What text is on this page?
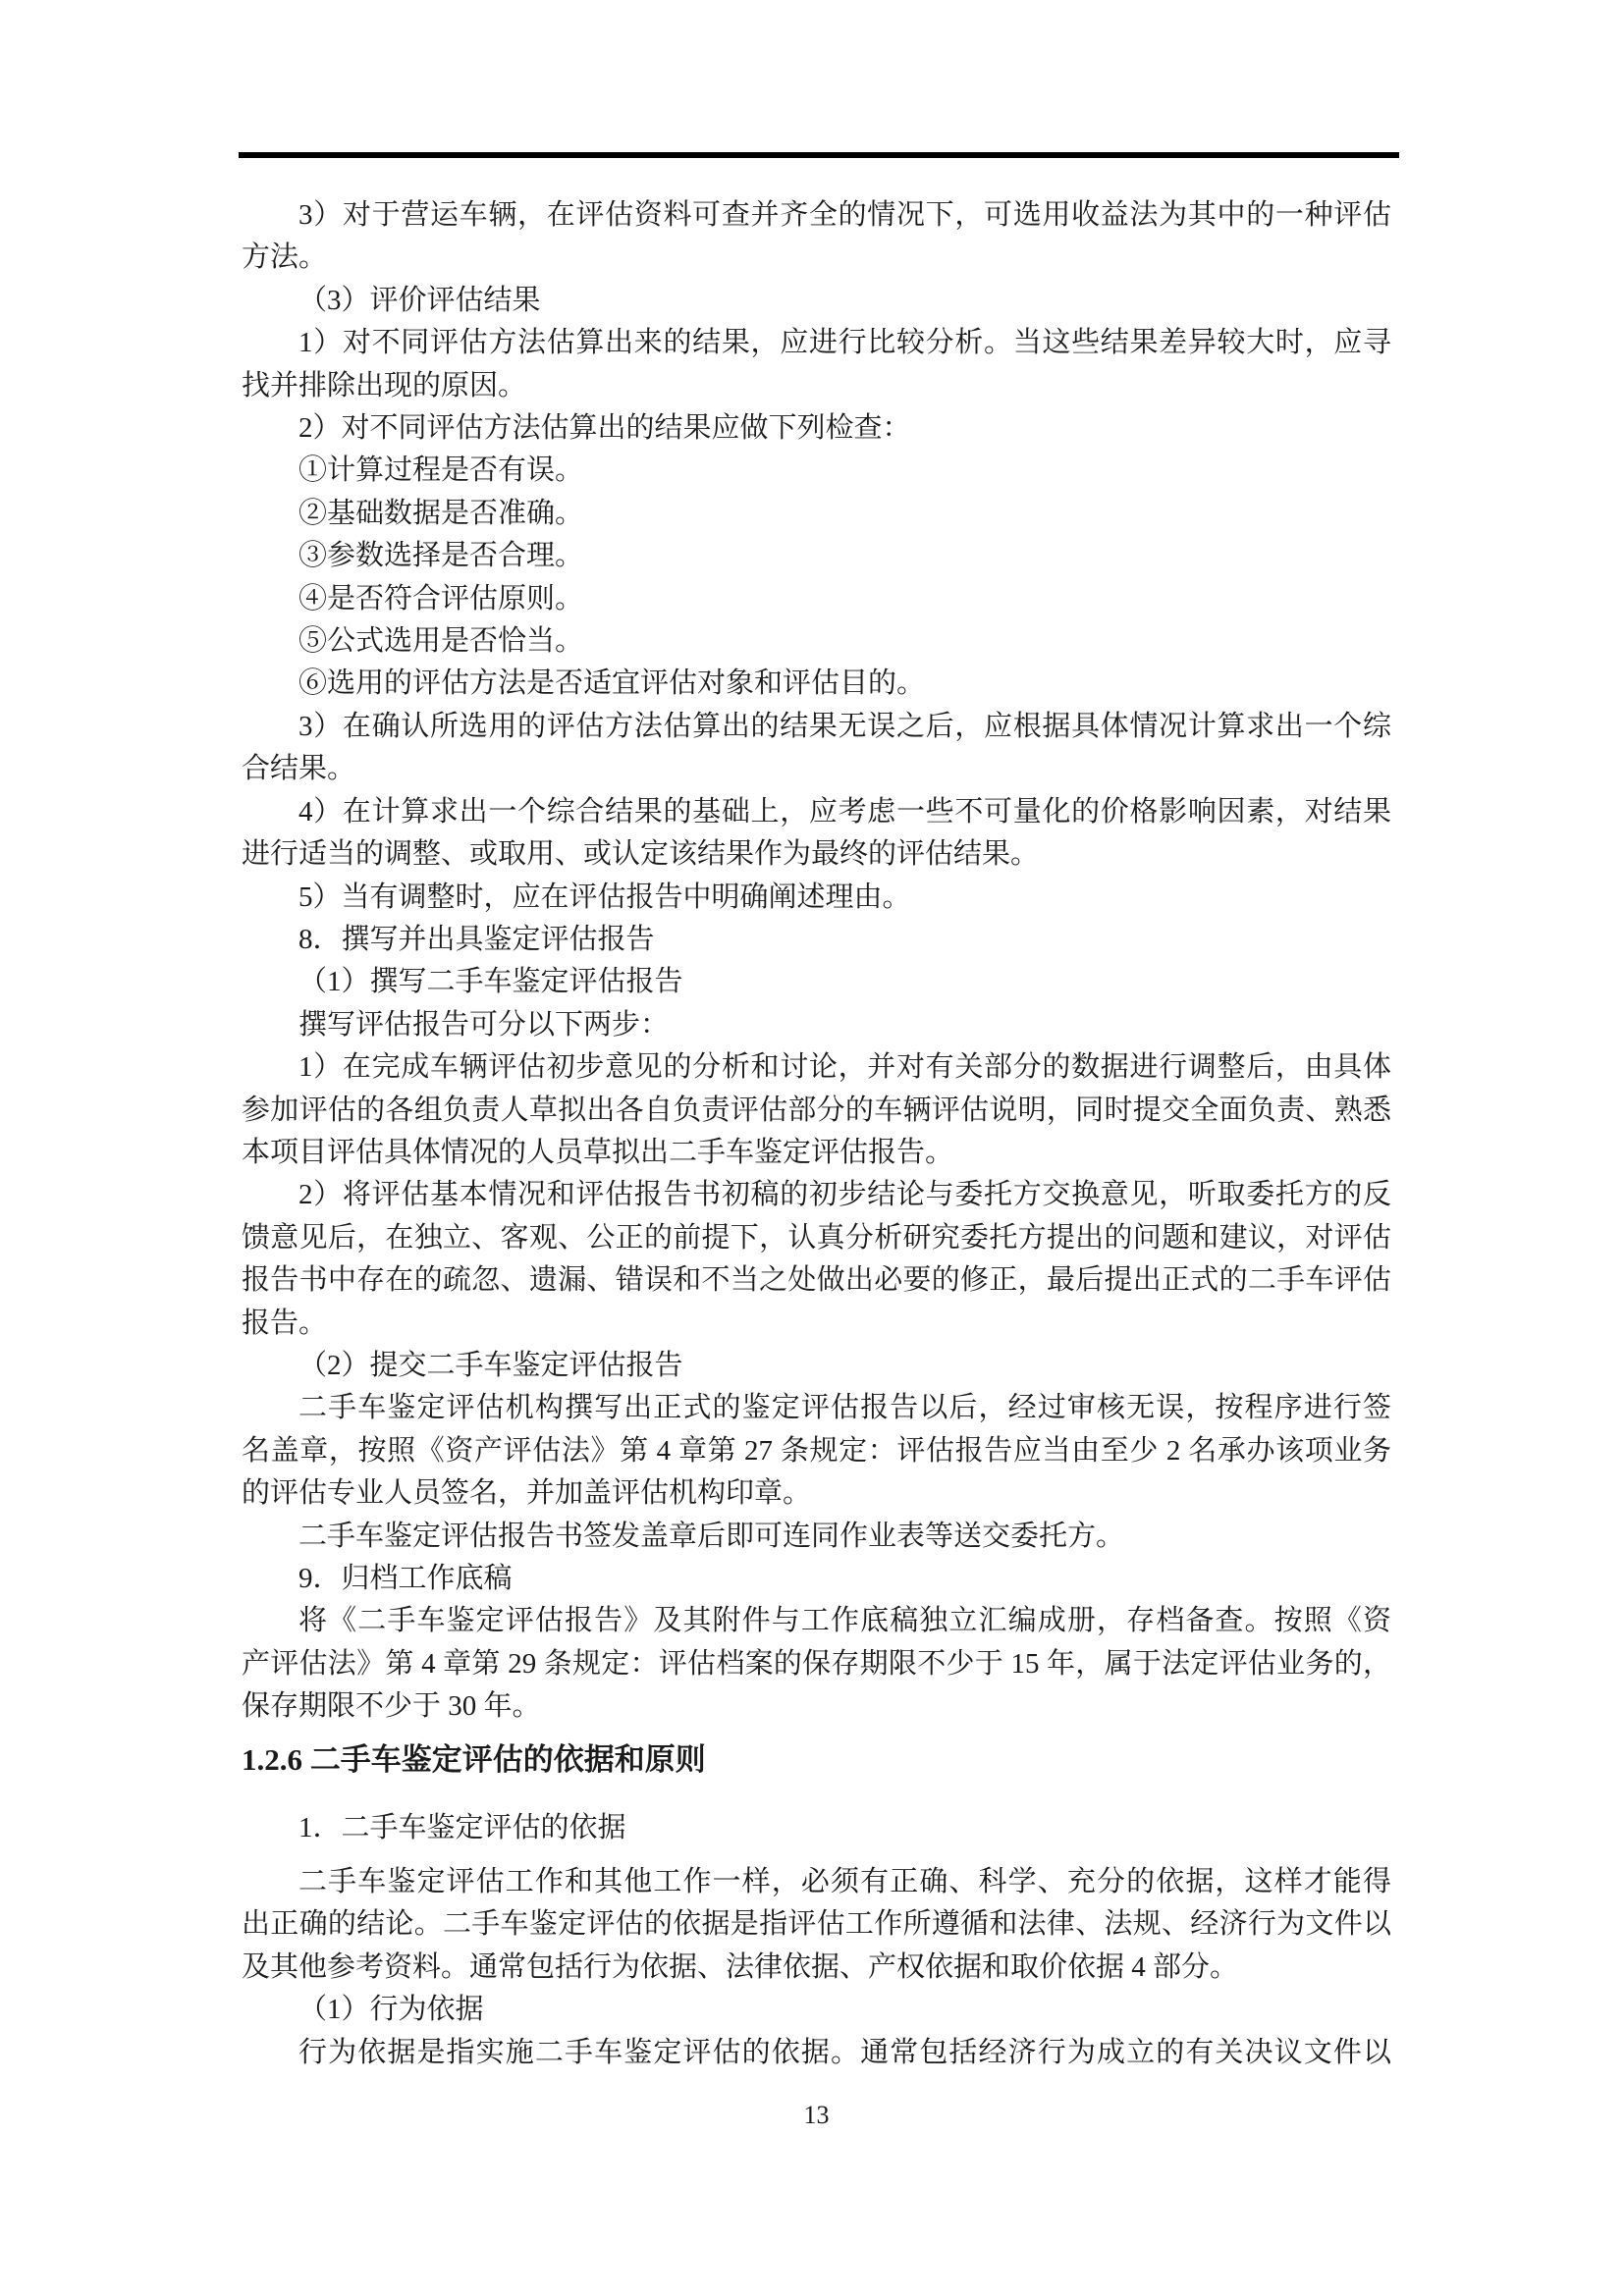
3）对于营运车辆，在评估资料可查并齐全的情况下，可选用收益法为其中的一种评估
方法。
（3）评价评估结果
1）对不同评估方法估算出来的结果，应进行比较分析。当这些结果差异较大时，应寻
找并排除出现的原因。
2）对不同评估方法估算出的结果应做下列检查：
①计算过程是否有误。
②基础数据是否准确。
③参数选择是否合理。
④是否符合评估原则。
⑤公式选用是否恰当。
⑥选用的评估方法是否适宜评估对象和评估目的。
3）在确认所选用的评估方法估算出的结果无误之后，应根据具体情况计算求出一个综
合结果。
4）在计算求出一个综合结果的基础上，应考虑一些不可量化的价格影响因素，对结果
进行适当的调整、或取用、或认定该结果作为最终的评估结果。
5）当有调整时，应在评估报告中明确阐述理由。
8．撰写并出具鉴定评估报告
（1）撰写二手车鉴定评估报告
撰写评估报告可分以下两步：
1）在完成车辆评估初步意见的分析和讨论，并对有关部分的数据进行调整后，由具体
参加评估的各组负责人草拟出各自负责评估部分的车辆评估说明，同时提交全面负责、熟悉
本项目评估具体情况的人员草拟出二手车鉴定评估报告。
2）将评估基本情况和评估报告书初稿的初步结论与委托方交换意见，听取委托方的反
馈意见后，在独立、客观、公正的前提下，认真分析研究委托方提出的问题和建议，对评估
报告书中存在的疏忽、遗漏、错误和不当之处做出必要的修正，最后提出正式的二手车评估
报告。
（2）提交二手车鉴定评估报告
二手车鉴定评估机构撰写出正式的鉴定评估报告以后，经过审核无误，按程序进行签
名盖章，按照《资产评估法》第 4 章第 27 条规定：评估报告应当由至少 2 名承办该项业务
的评估专业人员签名，并加盖评估机构印章。
二手车鉴定评估报告书签发盖章后即可连同作业表等送交委托方。
9．归档工作底稿
将《二手车鉴定评估报告》及其附件与工作底稿独立汇编成册，存档备查。按照《资
产评估法》第 4 章第 29 条规定：评估档案的保存期限不少于 15 年，属于法定评估业务的，
保存期限不少于 30 年。
1.2.6 二手车鉴定评估的依据和原则
1．二手车鉴定评估的依据
二手车鉴定评估工作和其他工作一样，必须有正确、科学、充分的依据，这样才能得
出正确的结论。二手车鉴定评估的依据是指评估工作所遵循和法律、法规、经济行为文件以
及其他参考资料。通常包括行为依据、法律依据、产权依据和取价依据 4 部分。
（1）行为依据
行为依据是指实施二手车鉴定评估的依据。通常包括经济行为成立的有关决议文件以
13
